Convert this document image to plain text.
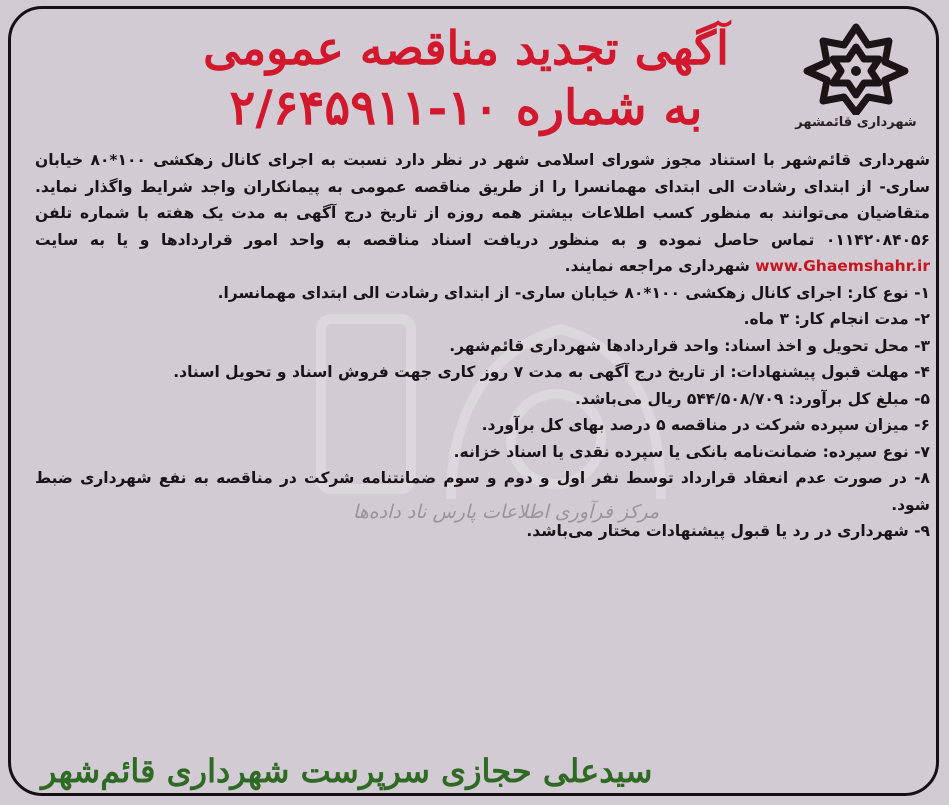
شهرداری قائمشهر
آگهی تجدید مناقصه عمومی
به شماره ۱۰-۲/۶۴۵۹۱۱
مرکز فرآوری اطلاعات پارس ناد داده‌ها

شهرداری قائم‌شهر با استناد مجوز شورای اسلامی شهر در نظر دارد نسبت به اجرای کانال زهکشی ۱۰۰*۸۰ خیابان ساری- از ابتدای رشادت الی ابتدای مهمانسرا را از طریق مناقصه عمومی به پیمانکاران واجد شرایط واگذار نماید. متقاضیان می‌توانند به منظور کسب اطلاعات بیشتر همه روزه از تاریخ درج آگهی به مدت یک هفته با شماره تلفن ۰۱۱۴۲۰۸۴۰۵۶ تماس حاصل نموده و به منظور دریافت اسناد مناقصه به واحد امور قراردادها و یا به سایت www.Ghaemshahr.ir شهرداری مراجعه نمایند.

۱- نوع کار: اجرای کانال زهکشی ۱۰۰*۸۰ خیابان ساری- از ابتدای رشادت الی ابتدای مهمانسرا.
۲- مدت انجام کار: ۳ ماه.
۳- محل تحویل و اخذ اسناد: واحد قراردادها شهرداری قائم‌شهر.
۴- مهلت قبول پیشنهادات: از تاریخ درج آگهی به مدت ۷ روز کاری جهت فروش اسناد و تحویل اسناد.
۵- مبلغ کل برآورد: ۵۴۴/۵۰۸/۷۰۹ ریال می‌باشد.
۶- میزان سپرده شرکت در مناقصه ۵ درصد بهای کل برآورد.
۷- نوع سپرده: ضمانت‌نامه بانکی یا سپرده نقدی یا اسناد خزانه.
۸- در صورت عدم انعقاد قرارداد توسط نفر اول و دوم و سوم ضمانتنامه شرکت در مناقصه به نفع شهرداری ضبط شود.
۹- شهرداری در رد یا قبول پیشنهادات مختار می‌باشد.
سیدعلی حجازی سرپرست شهرداری قائم‌شهر
